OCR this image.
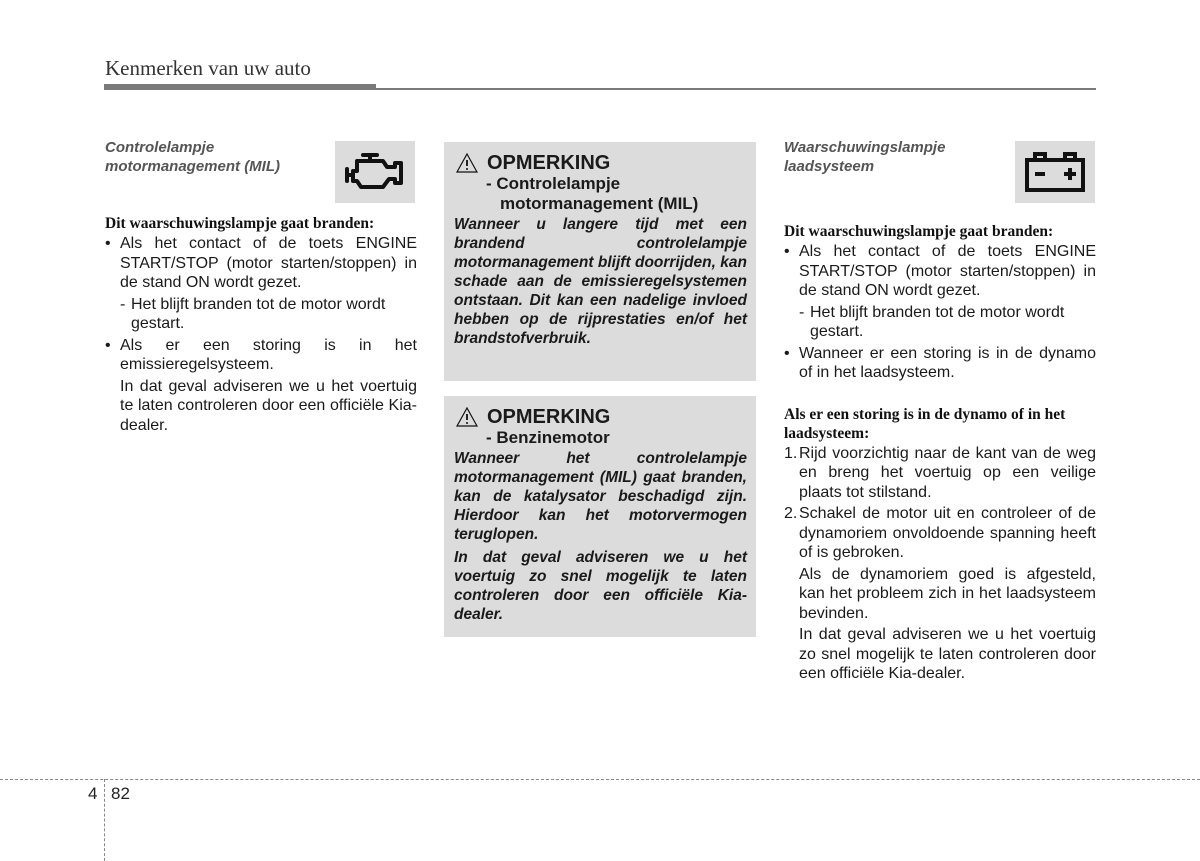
Kenmerken van uw auto
Controlelampje motormanagement (MIL)
Dit waarschuwingslampje gaat branden:
• Als het contact of de toets ENGINE START/STOP (motor starten/stoppen) in de stand ON wordt gezet.
- Het blijft branden tot de motor wordt gestart.
• Als er een storing is in het emissieregelsysteem.
In dat geval adviseren we u het voertuig te laten controleren door een officiële Kia-dealer.
OPMERKING
- Controlelampje
motormanagement (MIL)
Wanneer u langere tijd met een brandend controlelampje motormanagement blijft doorrijden, kan schade aan de emissieregelsystemen ontstaan. Dit kan een nadelige invloed hebben op de rijprestaties en/of het brandstofverbruik.
OPMERKING
- Benzinemotor
Wanneer het controlelampje motormanagement (MIL) gaat branden, kan de katalysator beschadigd zijn. Hierdoor kan het motorvermogen teruglopen.
In dat geval adviseren we u het voertuig zo snel mogelijk te laten controleren door een officiële Kia-dealer.
Waarschuwingslampje laadsysteem
Dit waarschuwingslampje gaat branden:
• Als het contact of de toets ENGINE START/STOP (motor starten/stoppen) in de stand ON wordt gezet.
- Het blijft branden tot de motor wordt gestart.
• Wanneer er een storing is in de dynamo of in het laadsysteem.
Als er een storing is in de dynamo of in het laadsysteem:
1. Rijd voorzichtig naar de kant van de weg en breng het voertuig op een veilige plaats tot stilstand.
2. Schakel de motor uit en controleer of de dynamoriem onvoldoende spanning heeft of is gebroken.
Als de dynamoriem goed is afgesteld, kan het probleem zich in het laadsysteem bevinden.
In dat geval adviseren we u het voertuig zo snel mogelijk te laten controleren door een officiële Kia-dealer.
4 82
